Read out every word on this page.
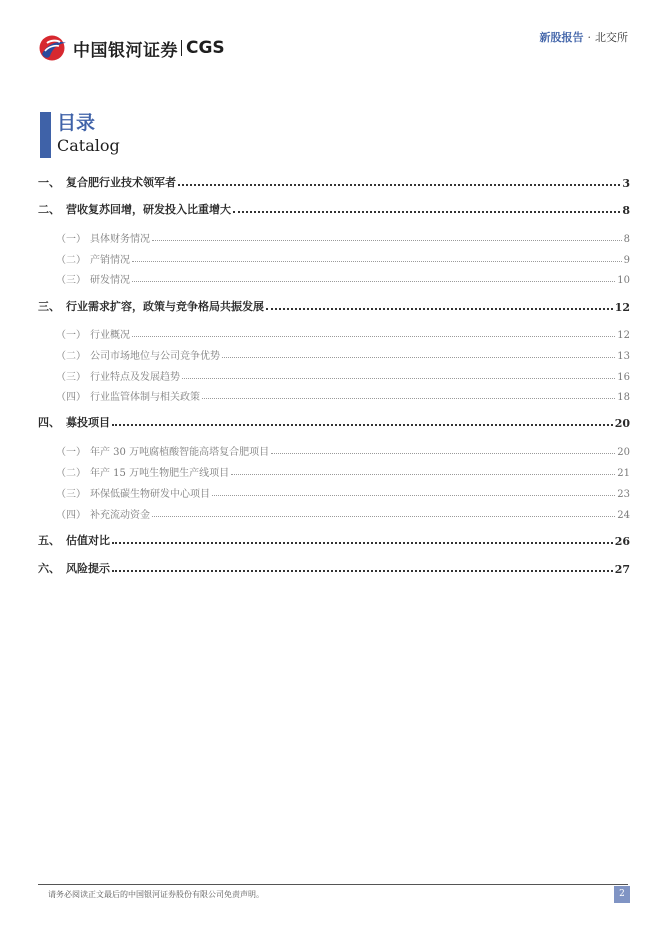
中国银河证券 CGS
新股报告 · 北交所
目录
Catalog
一、 复合肥行业技术领军者	3
二、 营收复苏回增，研发投入比重增大	8
（一） 具体财务情况	8
（二） 产销情况	9
（三） 研发情况	10
三、 行业需求扩容，政策与竞争格局共振发展	12
（一） 行业概况	12
（二） 公司市场地位与公司竞争优势	13
（三） 行业特点及发展趋势	16
（四） 行业监管体制与相关政策	18
四、 募投项目	20
（一） 年产 30 万吨腐植酸智能高塔复合肥项目	20
（二） 年产 15 万吨生物肥生产线项目	21
（三） 环保低碳生物研发中心项目	23
（四） 补充流动资金	24
五、 估值对比	26
六、 风险提示	27
请务必阅读正文最后的中国银河证券股份有限公司免责声明。	2
